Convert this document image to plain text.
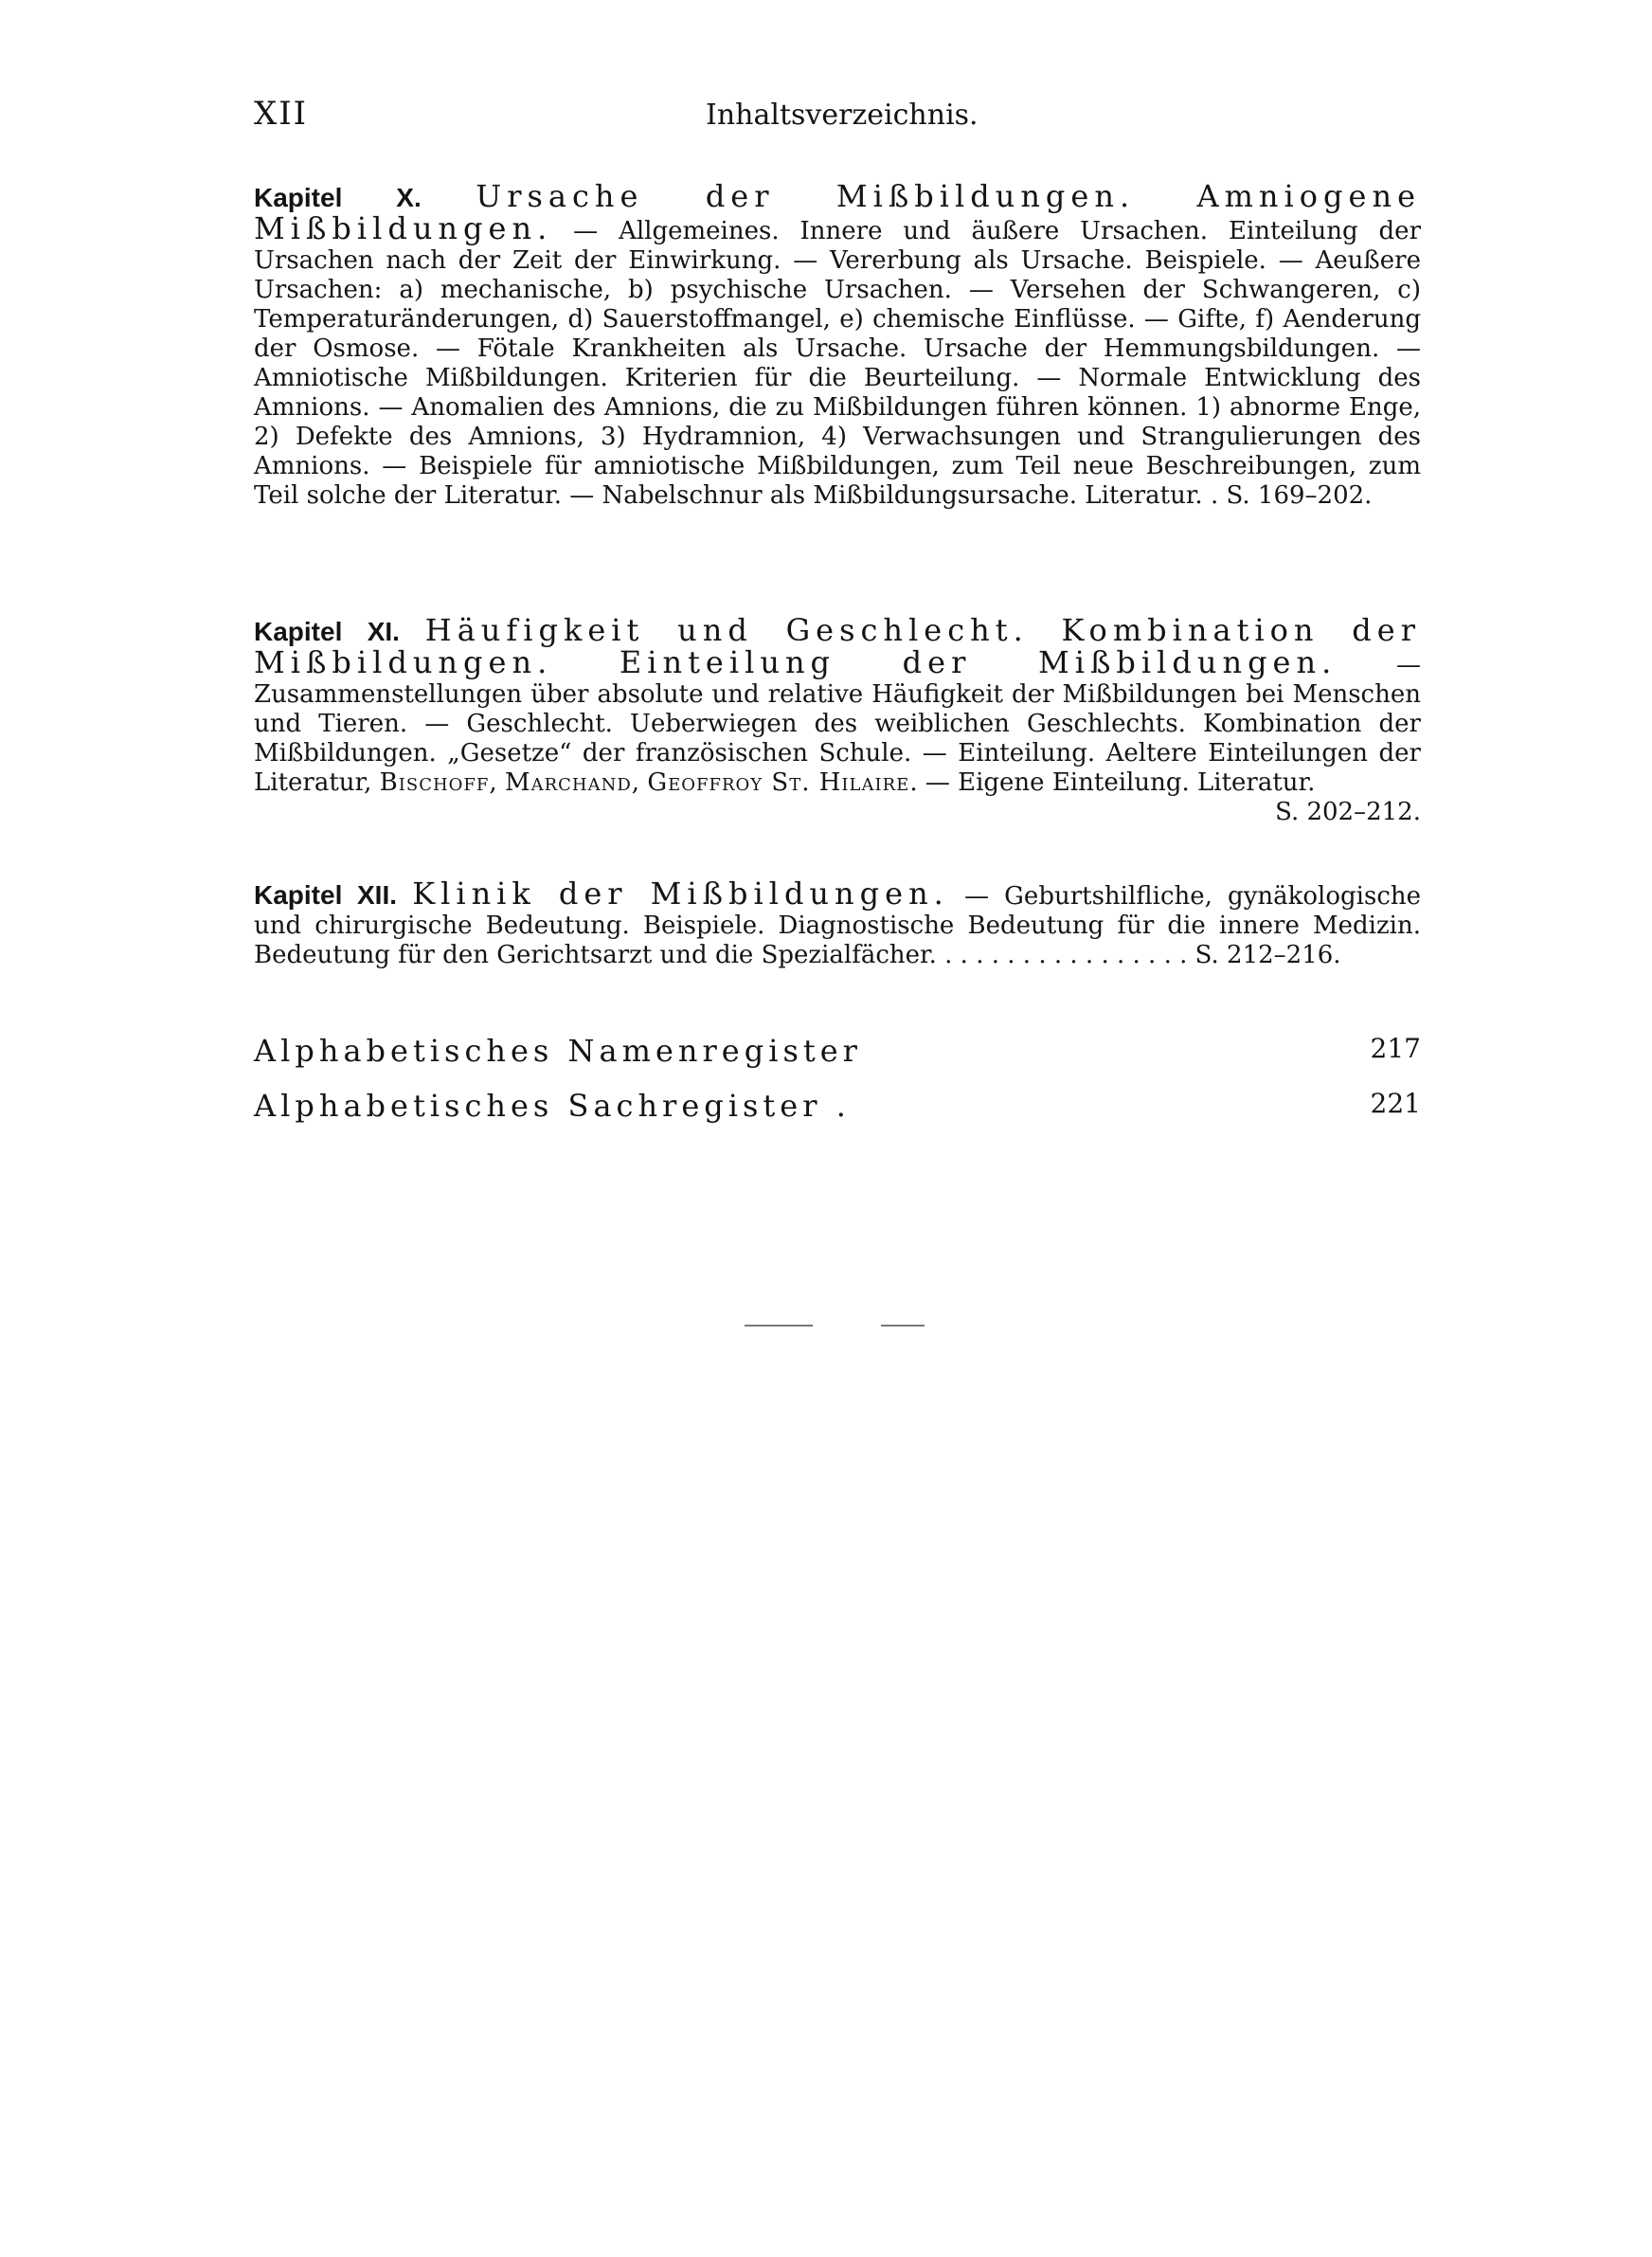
XII	Inhaltsverzeichnis.
Kapitel X. Ursache der Mißbildungen. Amniogene Mißbildungen. — Allgemeines. Innere und äußere Ursachen. Einteilung der Ursachen nach der Zeit der Einwirkung. — Vererbung als Ursache. Beispiele. — Aeußere Ursachen: a) mechanische, b) psychische Ursachen. — Versehen der Schwangeren, c) Temperaturänderungen, d) Sauerstoffmangel, e) chemische Einflüsse. — Gifte, f) Aenderung der Osmose. — Fötale Krankheiten als Ursache. Ursache der Hemmungsbildungen. — Amniotische Mißbildungen. Kriterien für die Beurteilung. — Normale Entwicklung des Amnions. — Anomalien des Amnions, die zu Mißbildungen führen können. 1) abnorme Enge, 2) Defekte des Amnions, 3) Hydramnion, 4) Verwachsungen und Strangulierungen des Amnions. — Beispiele für amniotische Mißbildungen, zum Teil neue Beschreibungen, zum Teil solche der Literatur. — Nabelschnur als Mißbildungsursache. Literatur. . S. 169–202.
Kapitel XI. Häufigkeit und Geschlecht. Kombination der Mißbildungen. Einteilung der Mißbildungen. — Zusammenstellungen über absolute und relative Häufigkeit der Mißbildungen bei Menschen und Tieren. — Geschlecht. Ueberwiegen des weiblichen Geschlechts. Kombination der Mißbildungen. „Gesetze“ der französischen Schule. — Einteilung. Aeltere Einteilungen der Literatur, Bischoff, Marchand, Geoffroy St. Hilaire. — Eigene Einteilung. Literatur.
S. 202–212.
Kapitel XII. Klinik der Mißbildungen. — Geburtshilfliche, gynäkologische und chirurgische Bedeutung. Beispiele. Diagnostische Bedeutung für die innere Medizin. Bedeutung für den Gerichtsarzt und die Spezialfächer. . . . . . . . . . . . . . . . . S. 212–216.
Alphabetisches Namenregister	217
Alphabetisches Sachregister .	221
